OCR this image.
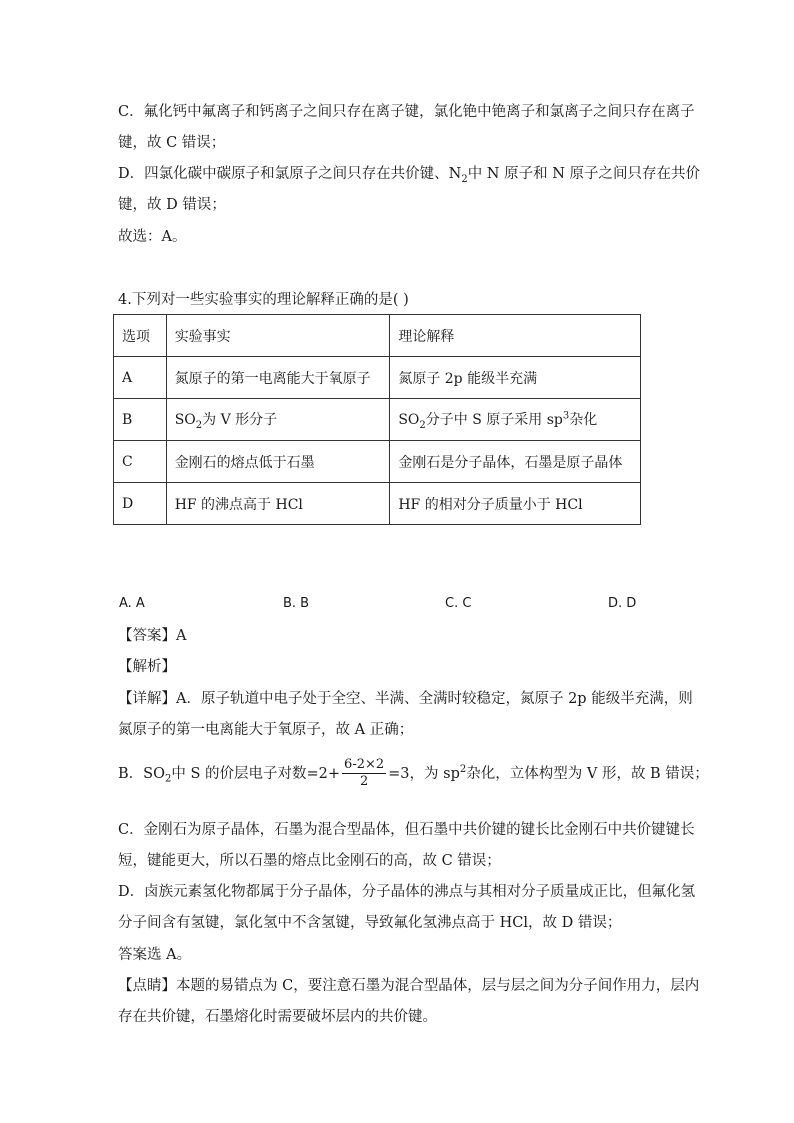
C．氟化钙中氟离子和钙离子之间只存在离子键，氯化铯中铯离子和氯离子之间只存在离子
键，故 C 错误；
D．四氯化碳中碳原子和氯原子之间只存在共价键、$N_2$中 N 原子和 N 原子之间只存在共价
键，故 D 错误；
故选：A。
4.下列对一些实验事实的理论解释正确的是( )
选项	实验事实	理论解释
A	氮原子的第一电离能大于氧原子	氮原子 2p 能级半充满
B	$SO_2$为 V 形分子	$SO_2$分子中 S 原子采用 $sp^3$杂化
C	金刚石的熔点低于石墨	金刚石是分子晶体，石墨是原子晶体
D	HF 的沸点高于 HCl	HF 的相对分子质量小于 HCl
A. A	B. B	C. C	D. D
【答案】A
【解析】
【详解】A．原子轨道中电子处于全空、半满、全满时较稳定，氮原子 2p 能级半充满，则
氮原子的第一电离能大于氧原子，故 A 正确；
B．$SO_2$中 S 的价层电子对数$=2+ \frac{6-2\times 2}{2} =3$，为 $sp^2$杂化，立体构型为 V 形，故 B 错误；
C．金刚石为原子晶体，石墨为混合型晶体，但石墨中共价键的键长比金刚石中共价键键长
短，键能更大，所以石墨的熔点比金刚石的高，故 C 错误；
D．卤族元素氢化物都属于分子晶体，分子晶体的沸点与其相对分子质量成正比，但氟化氢
分子间含有氢键，氯化氢中不含氢键，导致氟化氢沸点高于 HCl，故 D 错误；
答案选 A。
【点睛】本题的易错点为 C，要注意石墨为混合型晶体，层与层之间为分子间作用力，层内
存在共价键，石墨熔化时需要破坏层内的共价键。
